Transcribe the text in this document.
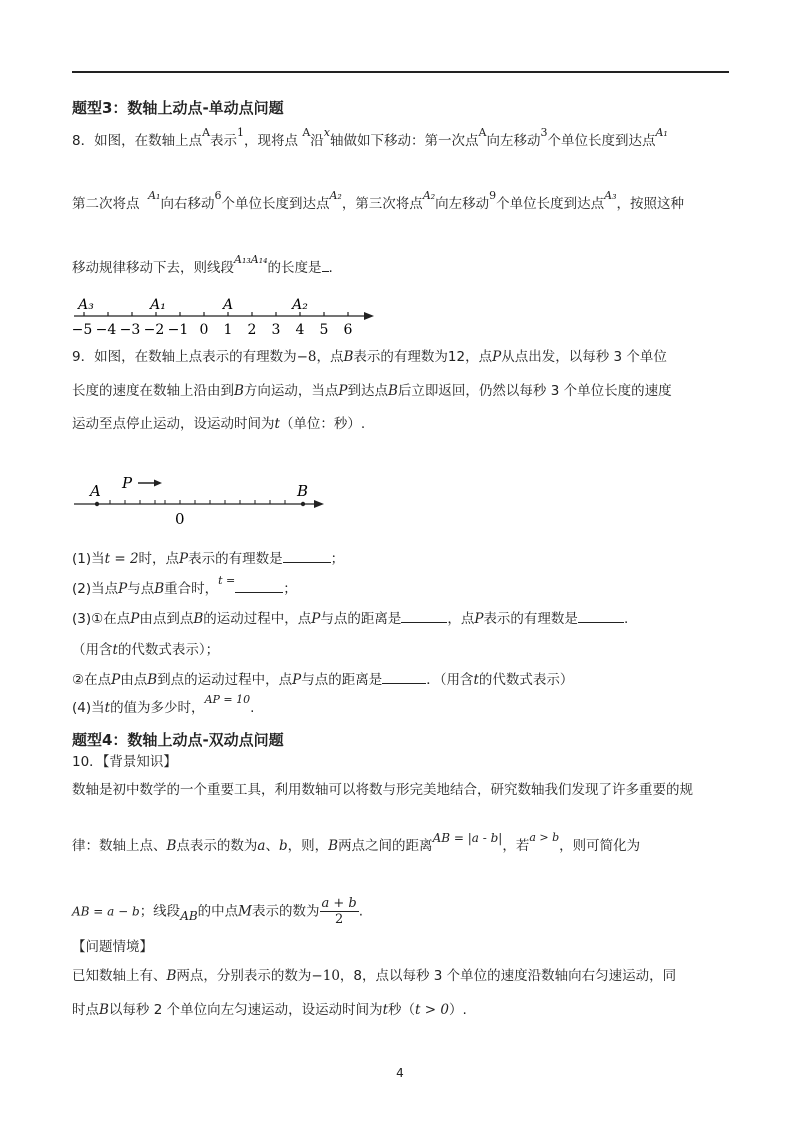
题型3：数轴上动点-单动点问题
8．如图，在数轴上点$^A$表示$^1$，现将点 $^A$沿$^x$轴做如下移动：第一次点$^A$向左移动$^3$个单位长度到达点$^{A_1}$
第二次将点  $^{A_1}$向右移动$^6$个单位长度到达点$^{A_2}$，第三次将点$^{A_2}$向左移动$^9$个单位长度到达点$^{A_3}$，按照这种
移动规律移动下去，则线段$^{A_{13}A_{14}}$的长度是 .
A₃	A₁	A	A₂
−5 −4 −3 −2 −1 0 1 2 3 4 5 6
9．如图，在数轴上点表示的有理数为−8，点B表示的有理数为12，点P从点出发，以每秒 3 个单位
长度的速度在数轴上沿由到B方向运动，当点P到达点B后立即返回，仍然以每秒 3 个单位长度的速度
运动至点停止运动，设运动时间为t（单位：秒）.
A P	B
0
(1)当t = 2时，点P表示的有理数是	；
(2)当点P与点B重合时，$^{t =}$；
(3)①在点P由点到点B的运动过程中，点P与点的距离是	，点P表示的有理数是	.
（用含t的代数式表示）；
②在点P由点B到点的运动过程中，点P与点的距离是	．（用含t的代数式表示）
(4)当t的值为多少时，$^{AP = 10}$.
题型4：数轴上动点-双动点问题
10．【背景知识】
数轴是初中数学的一个重要工具，利用数轴可以将数与形完美地结合，研究数轴我们发现了许多重要的规
律：数轴上点、B点表示的数为a、b，则，B两点之间的距离AB = |a - b|，若$^{a > b}$，则可简化为
AB = a − b；线段AB的中点M表示的数为 $\frac{a + b}{2}$ .
【问题情境】
已知数轴上有、B两点，分别表示的数为−10，8，点以每秒 3 个单位的速度沿数轴向右匀速运动，同
时点B以每秒 2 个单位向左匀速运动，设运动时间为t秒（t > 0）.
4
